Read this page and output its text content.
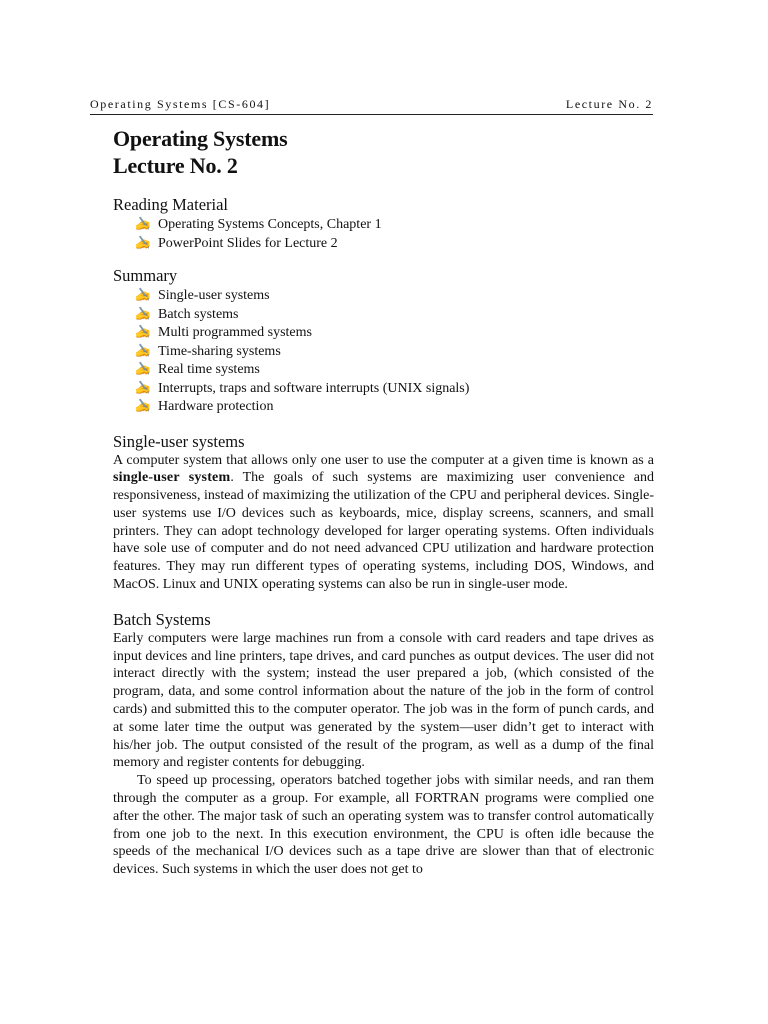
Operating Systems [CS-604]	Lecture No. 2
Operating Systems
Lecture No. 2
Reading Material
✍ Operating Systems Concepts, Chapter 1
✍ PowerPoint Slides for Lecture 2
Summary
✍ Single-user systems
✍ Batch systems
✍ Multi programmed systems
✍ Time-sharing systems
✍ Real time systems
✍ Interrupts, traps and software interrupts (UNIX signals)
✍ Hardware protection
Single-user systems

A computer system that allows only one user to use the computer at a given time is known as a single-user system. The goals of such systems are maximizing user convenience and responsiveness, instead of maximizing the utilization of the CPU and peripheral devices. Single-user systems use I/O devices such as keyboards, mice, display screens, scanners, and small printers. They can adopt technology developed for larger operating systems. Often individuals have sole use of computer and do not need advanced CPU utilization and hardware protection features. They may run different types of operating systems, including DOS, Windows, and MacOS. Linux and UNIX operating systems can also be run in single-user mode.

Batch Systems

Early computers were large machines run from a console with card readers and tape drives as input devices and line printers, tape drives, and card punches as output devices. The user did not interact directly with the system; instead the user prepared a job, (which consisted of the program, data, and some control information about the nature of the job in the form of control cards) and submitted this to the computer operator. The job was in the form of punch cards, and at some later time the output was generated by the system—user didn’t get to interact with his/her job. The output consisted of the result of the program, as well as a dump of the final memory and register contents for debugging.

To speed up processing, operators batched together jobs with similar needs, and ran them through the computer as a group. For example, all FORTRAN programs were complied one after the other. The major task of such an operating system was to transfer control automatically from one job to the next. In this execution environment, the CPU is often idle because the speeds of the mechanical I/O devices such as a tape drive are slower than that of electronic devices. Such systems in which the user does not get to
